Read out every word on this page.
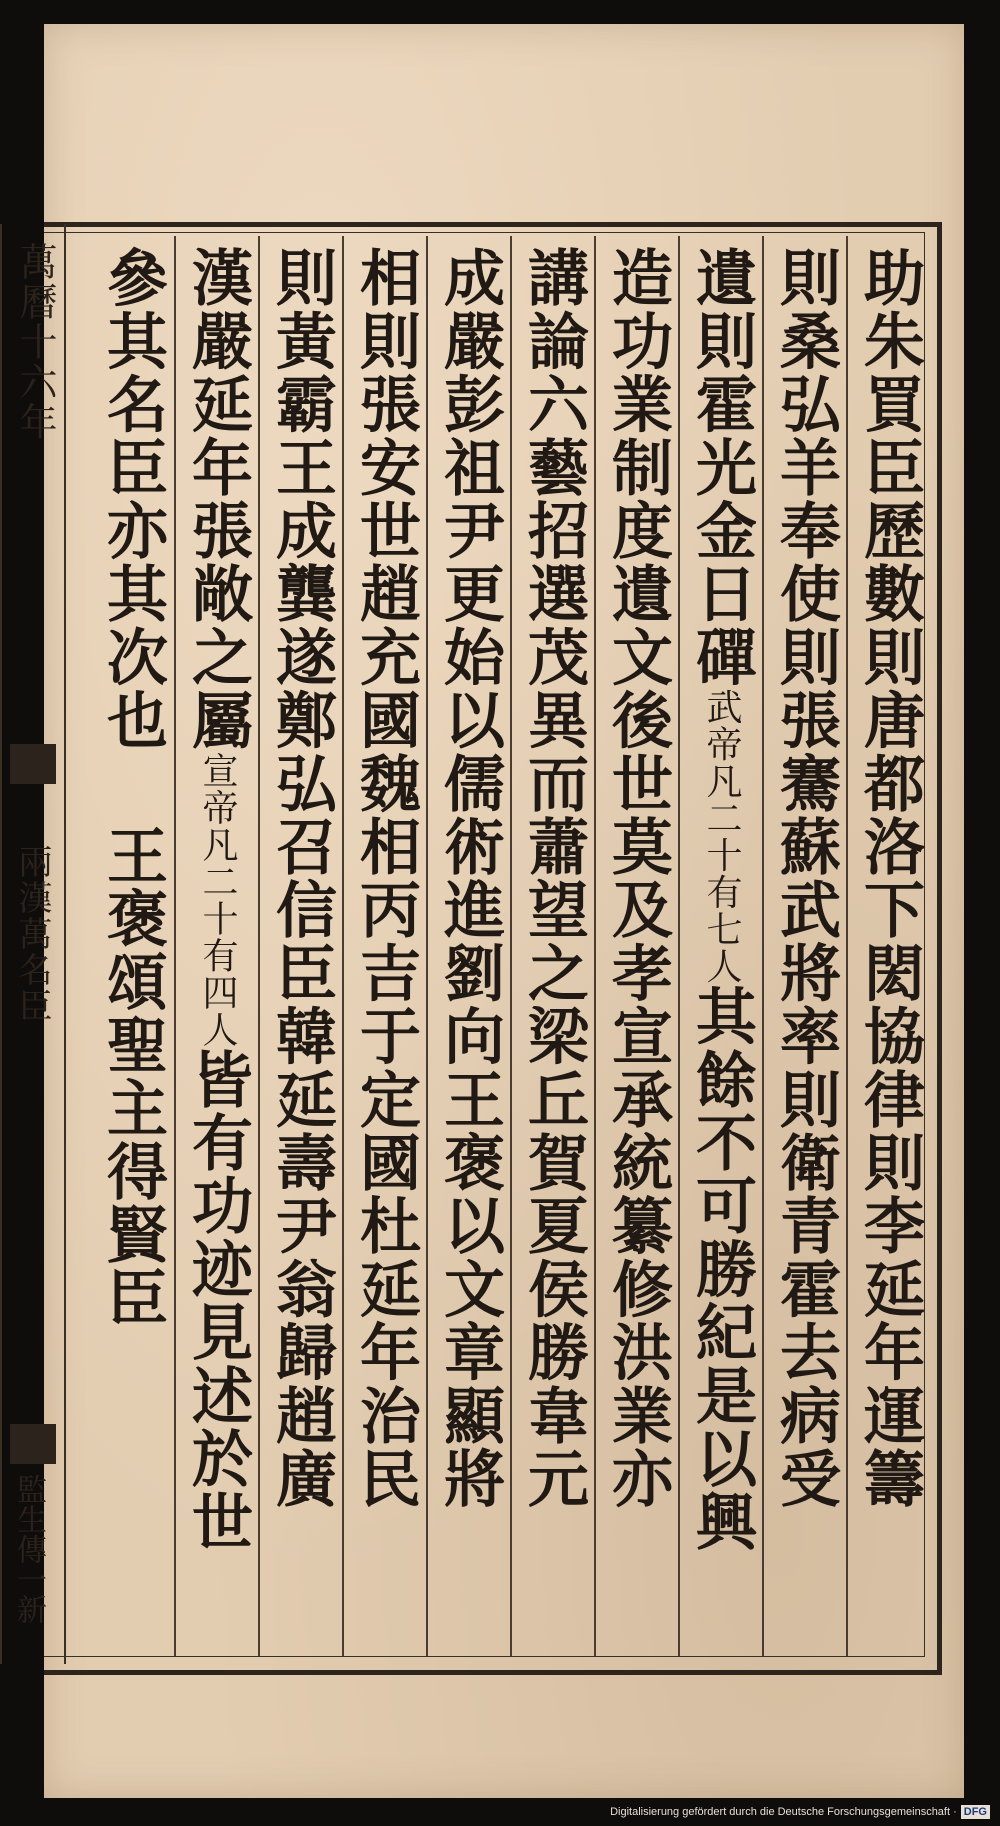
萬曆十六年
兩漢萬名臣
監生傳一新
助朱買臣歷數則唐都洛下閎協律則李延年運籌
則桑弘羊奉使則張騫蘇武將率則衛青霍去病受
遺則霍光金日磾武帝凡二十有七人其餘不可勝紀是以興
造功業制度遺文後世莫及孝宣承統纂修洪業亦
講論六藝招選茂異而蕭望之梁丘賀夏侯勝韋元
成嚴彭祖尹更始以儒術進劉向王褒以文章顯將
相則張安世趙充國魏相丙吉于定國杜延年治民
則黃霸王成龔遂鄭弘召信臣韓延壽尹翁歸趙廣
漢嚴延年張敞之屬宣帝凡二十有四人皆有功迹見述於世
參其名臣亦其次也王褒頌聖主得賢臣
Digitalisierung gefördert durch die Deutsche Forschungsgemeinschaft · DFG
